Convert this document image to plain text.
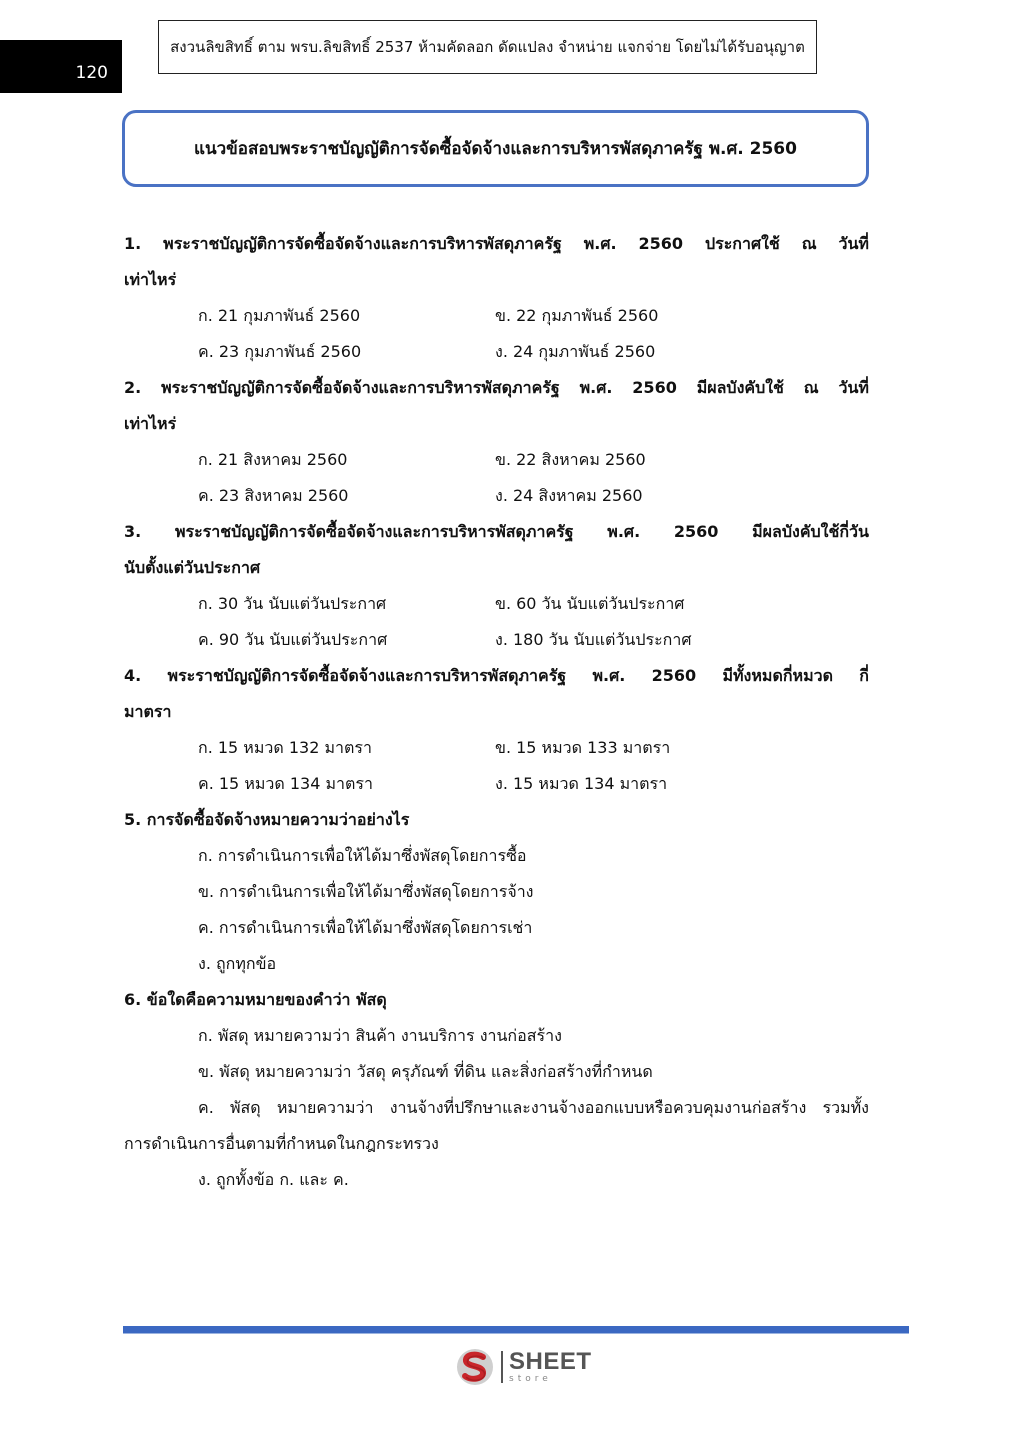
120
สงวนลิขสิทธิ์ ตาม พรบ.ลิขสิทธิ์ 2537 ห้ามคัดลอก ดัดแปลง จำหน่าย แจกจ่าย โดยไม่ได้รับอนุญาต
แนวข้อสอบพระราชบัญญัติการจัดซื้อจัดจ้างและการบริหารพัสดุภาครัฐ พ.ศ. 2560
1. พระราชบัญญัติการจัดซื้อจัดจ้างและการบริหารพัสดุภาครัฐ พ.ศ. 2560 ประกาศใช้ ณ วันที่
เท่าไหร่
ก. 21 กุมภาพันธ์ 2560	ข. 22 กุมภาพันธ์ 2560
ค. 23 กุมภาพันธ์ 2560	ง. 24 กุมภาพันธ์ 2560
2. พระราชบัญญัติการจัดซื้อจัดจ้างและการบริหารพัสดุภาครัฐ พ.ศ. 2560 มีผลบังคับใช้ ณ วันที่
เท่าไหร่
ก. 21 สิงหาคม 2560	ข. 22 สิงหาคม 2560
ค. 23 สิงหาคม 2560	ง. 24 สิงหาคม 2560
3. พระราชบัญญัติการจัดซื้อจัดจ้างและการบริหารพัสดุภาครัฐ พ.ศ. 2560 มีผลบังคับใช้กี่วัน
นับตั้งแต่วันประกาศ
ก. 30 วัน นับแต่วันประกาศ	ข. 60 วัน นับแต่วันประกาศ
ค. 90 วัน นับแต่วันประกาศ	ง. 180 วัน นับแต่วันประกาศ
4. พระราชบัญญัติการจัดซื้อจัดจ้างและการบริหารพัสดุภาครัฐ พ.ศ. 2560 มีทั้งหมดกี่หมวด กี่
มาตรา
ก. 15 หมวด 132 มาตรา	ข. 15 หมวด 133 มาตรา
ค. 15 หมวด 134 มาตรา	ง. 15 หมวด 134 มาตรา
5. การจัดซื้อจัดจ้างหมายความว่าอย่างไร
ก. การดำเนินการเพื่อให้ได้มาซึ่งพัสดุโดยการซื้อ
ข. การดำเนินการเพื่อให้ได้มาซึ่งพัสดุโดยการจ้าง
ค. การดำเนินการเพื่อให้ได้มาซึ่งพัสดุโดยการเช่า
ง. ถูกทุกข้อ
6. ข้อใดคือความหมายของคำว่า พัสดุ
ก. พัสดุ หมายความว่า สินค้า งานบริการ งานก่อสร้าง
ข. พัสดุ หมายความว่า วัสดุ ครุภัณฑ์ ที่ดิน และสิ่งก่อสร้างที่กำหนด
ค. พัสดุ หมายความว่า งานจ้างที่ปรึกษาและงานจ้างออกแบบหรือควบคุมงานก่อสร้าง รวมทั้ง
การดำเนินการอื่นตามที่กำหนดในกฎกระทรวง
ง. ถูกทั้งข้อ ก. และ ค.
SHEET
store
